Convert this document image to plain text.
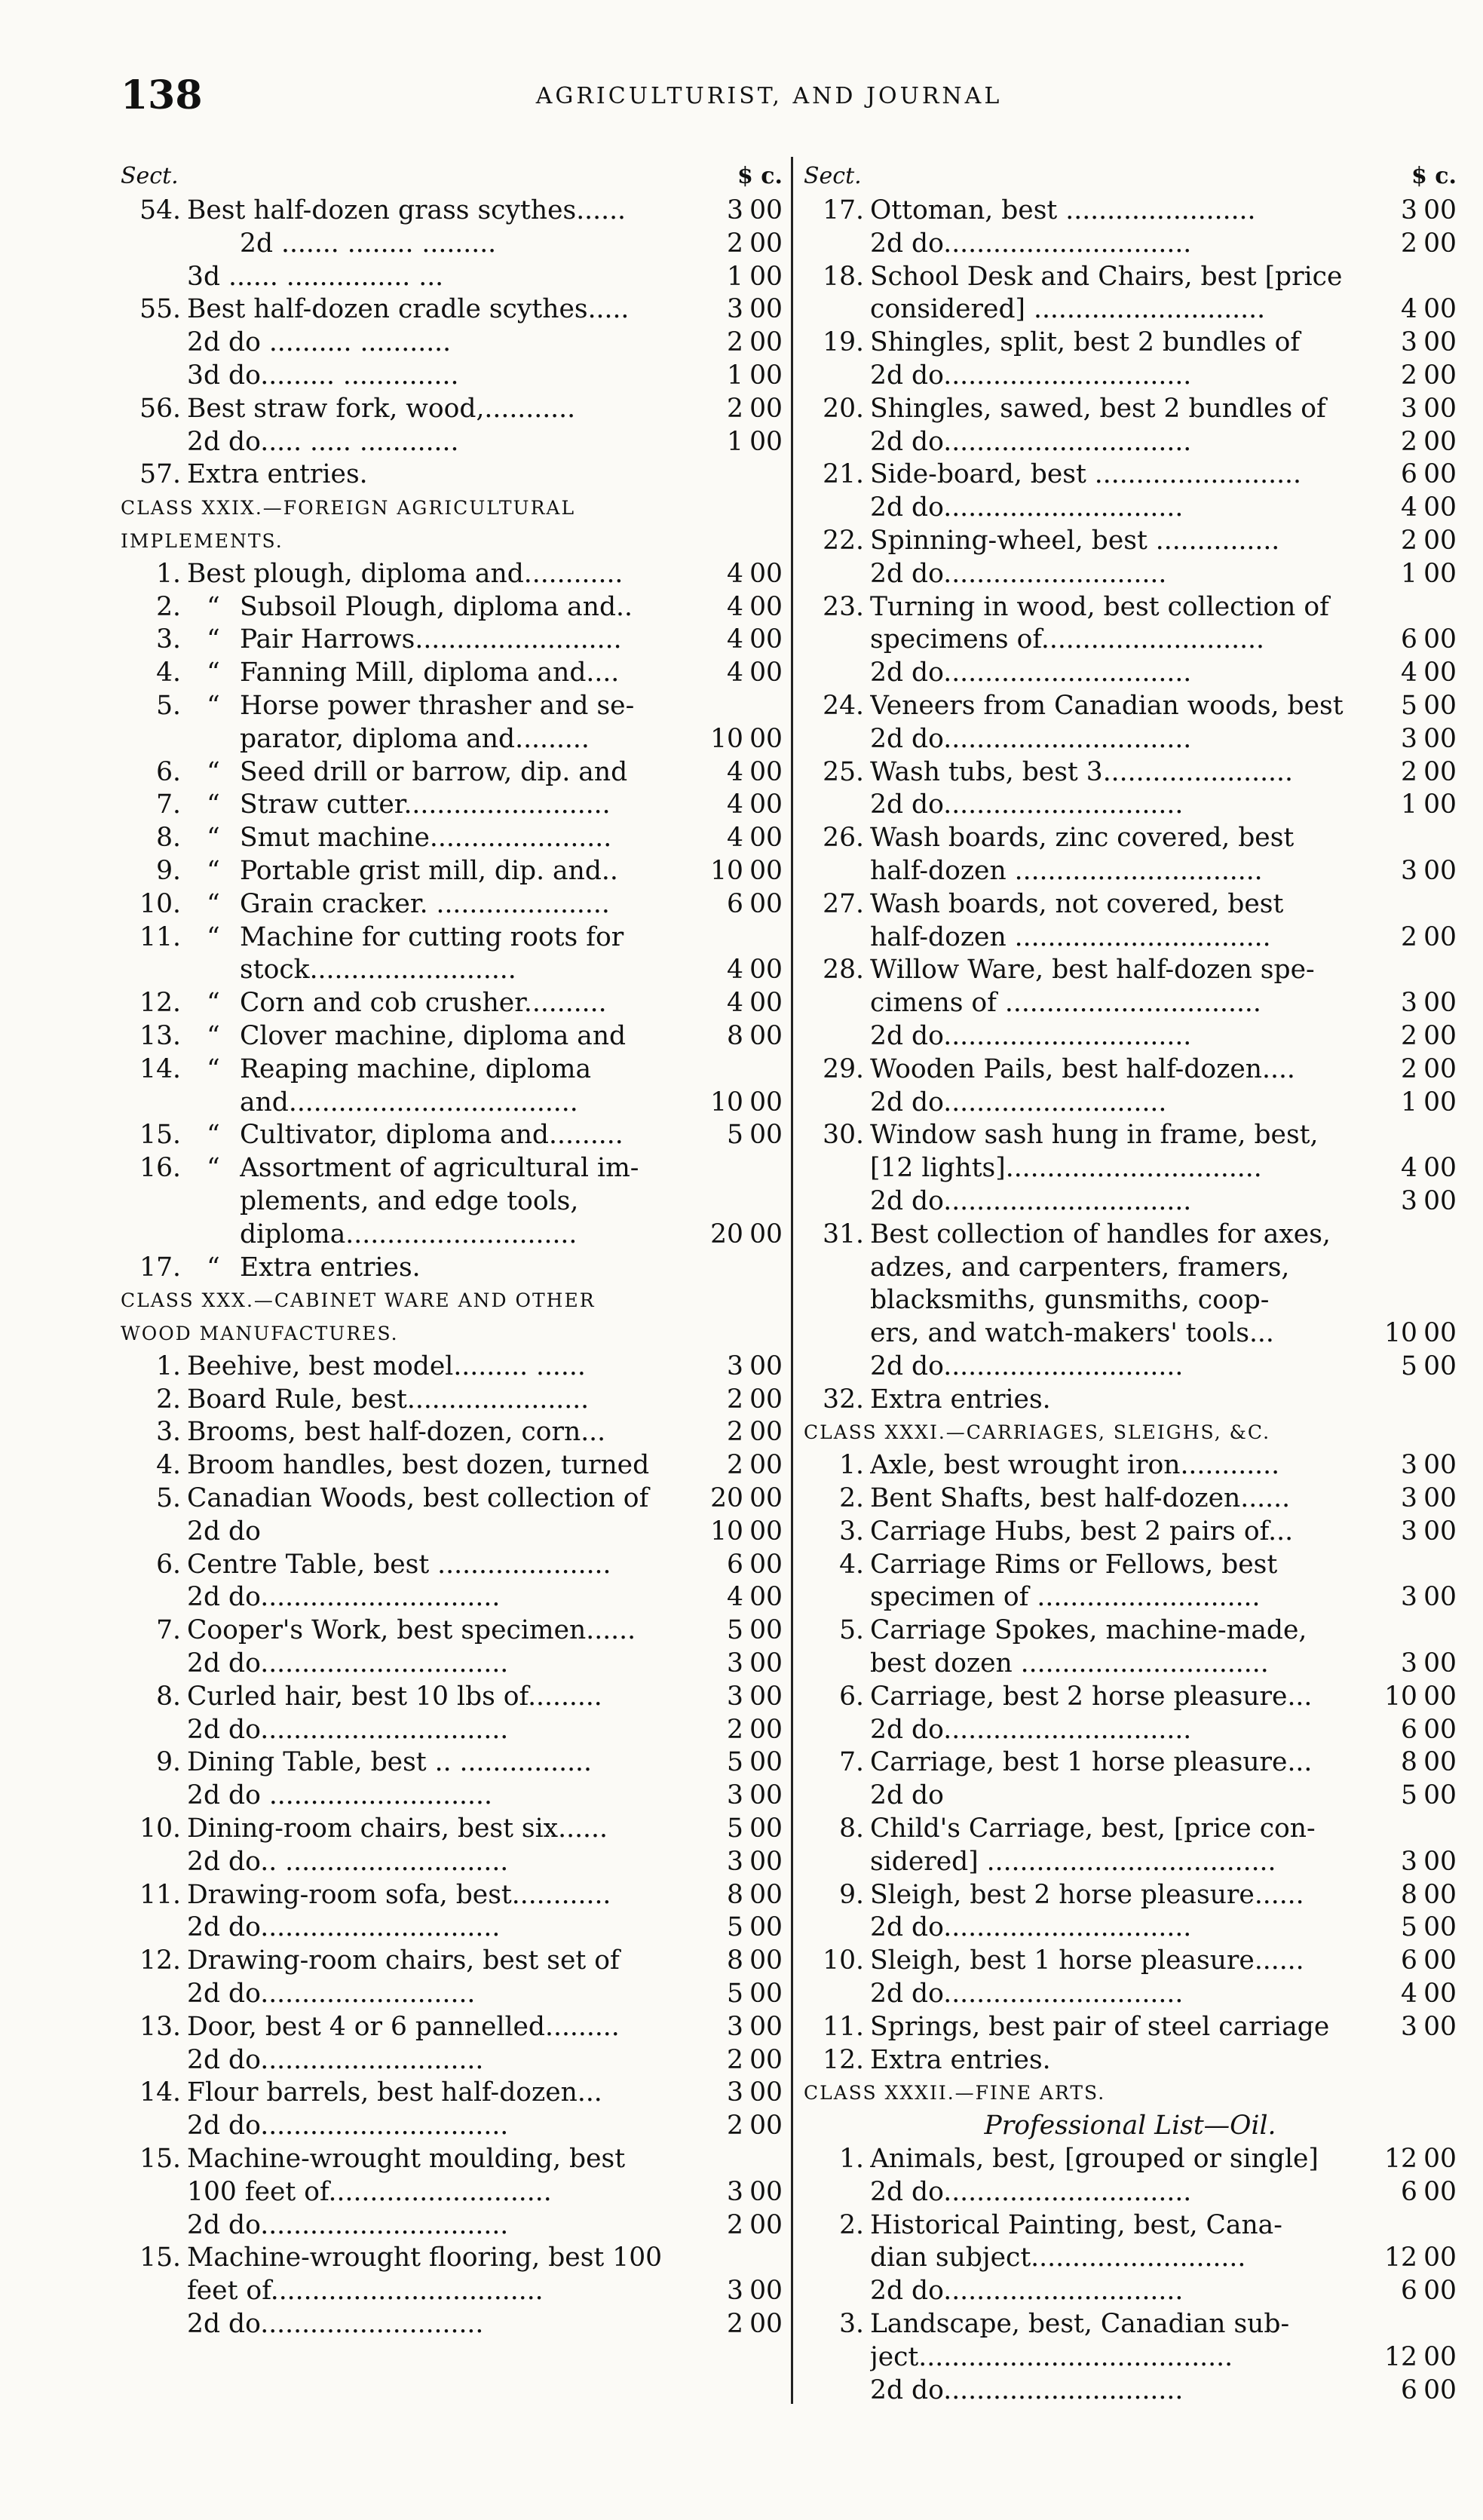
138	AGRICULTURIST, AND JOURNAL
Sect.	$ c.
54. Best half-dozen grass scythes......	3 00
2d ....... ........ .........	2 00
3d ...... ............... ...	1 00
55. Best half-dozen cradle scythes.....	3 00
2d do .......... ...........	2 00
3d do......... ..............	1 00
56. Best straw fork, wood,...........	2 00
2d do..... ..... ............	1 00
57. Extra entries.
CLASS XXIX.—FOREIGN AGRICULTURAL
IMPLEMENTS.
1. Best plough, diploma and............	4 00
2. “ Subsoil Plough, diploma and..	4 00
3. “ Pair Harrows.........................	4 00
4. “ Fanning Mill, diploma and....	4 00
5. “ Horse power thrasher and se-
parator, diploma and.........	10 00
6. “ Seed drill or barrow, dip. and	4 00
7. “ Straw cutter.........................	4 00
8. “ Smut machine......................	4 00
9. “ Portable grist mill, dip. and..	10 00
10. “ Grain cracker. .....................	6 00
11. “ Machine for cutting roots for
stock.........................	4 00
12. “ Corn and cob crusher..........	4 00
13. “ Clover machine, diploma and	8 00
14. “ Reaping machine, diploma
and...................................	10 00
15. “ Cultivator, diploma and.........	5 00
16. “ Assortment of agricultural im-
plements, and edge tools,
diploma............................	20 00
17. “ Extra entries.
CLASS XXX.—CABINET WARE AND OTHER
WOOD MANUFACTURES.
1. Beehive, best model......... ......	3 00
2. Board Rule, best......................	2 00
3. Brooms, best half-dozen, corn...	2 00
4. Broom handles, best dozen, turned	2 00
5. Canadian Woods, best collection of	20 00
2d do	10 00
6. Centre Table, best .....................	6 00
2d do.............................	4 00
7. Cooper's Work, best specimen......	5 00
2d do..............................	3 00
8. Curled hair, best 10 lbs of.........	3 00
2d do..............................	2 00
9. Dining Table, best .. ................	5 00
2d do ...........................	3 00
10. Dining-room chairs, best six......	5 00
2d do.. ...........................	3 00
11. Drawing-room sofa, best............	8 00
2d do.............................	5 00
12. Drawing-room chairs, best set of	8 00
2d do..........................	5 00
13. Door, best 4 or 6 pannelled.........	3 00
2d do...........................	2 00
14. Flour barrels, best half-dozen...	3 00
2d do..............................	2 00
15. Machine-wrought moulding, best
100 feet of...........................	3 00
2d do..............................	2 00
15. Machine-wrought flooring, best 100
feet of.................................	3 00
2d do...........................	2 00
Sect.	$ c.
17. Ottoman, best .......................	3 00
2d do..............................	2 00
18. School Desk and Chairs, best [price
considered] ............................	4 00
19. Shingles, split, best 2 bundles of	3 00
2d do..............................	2 00
20. Shingles, sawed, best 2 bundles of	3 00
2d do..............................	2 00
21. Side-board, best .........................	6 00
2d do.............................	4 00
22. Spinning-wheel, best ...............	2 00
2d do...........................	1 00
23. Turning in wood, best collection of
specimens of...........................	6 00
2d do..............................	4 00
24. Veneers from Canadian woods, best	5 00
2d do..............................	3 00
25. Wash tubs, best 3.......................	2 00
2d do.............................	1 00
26. Wash boards, zinc covered, best
half-dozen ..............................	3 00
27. Wash boards, not covered, best
half-dozen ...............................	2 00
28. Willow Ware, best half-dozen spe-
cimens of ...............................	3 00
2d do..............................	2 00
29. Wooden Pails, best half-dozen....	2 00
2d do...........................	1 00
30. Window sash hung in frame, best,
[12 lights]...............................	4 00
2d do..............................	3 00
31. Best collection of handles for axes,
adzes, and carpenters, framers,
blacksmiths, gunsmiths, coop-
ers, and watch-makers' tools...	10 00
2d do.............................	5 00
32. Extra entries.
CLASS XXXI.—CARRIAGES, SLEIGHS, &C.
1. Axle, best wrought iron............	3 00
2. Bent Shafts, best half-dozen......	3 00
3. Carriage Hubs, best 2 pairs of...	3 00
4. Carriage Rims or Fellows, best
specimen of ...........................	3 00
5. Carriage Spokes, machine-made,
best dozen ..............................	3 00
6. Carriage, best 2 horse pleasure...	10 00
2d do..............................	6 00
7. Carriage, best 1 horse pleasure...	8 00
2d do	5 00
8. Child's Carriage, best, [price con-
sidered] ...................................	3 00
9. Sleigh, best 2 horse pleasure......	8 00
2d do..............................	5 00
10. Sleigh, best 1 horse pleasure......	6 00
2d do.............................	4 00
11. Springs, best pair of steel carriage	3 00
12. Extra entries.
CLASS XXXII.—FINE ARTS.
Professional List—Oil.
1. Animals, best, [grouped or single]	12 00
2d do..............................	6 00
2. Historical Painting, best, Cana-
dian subject..........................	12 00
2d do.............................	6 00
3. Landscape, best, Canadian sub-
ject......................................	12 00
2d do.............................	6 00
